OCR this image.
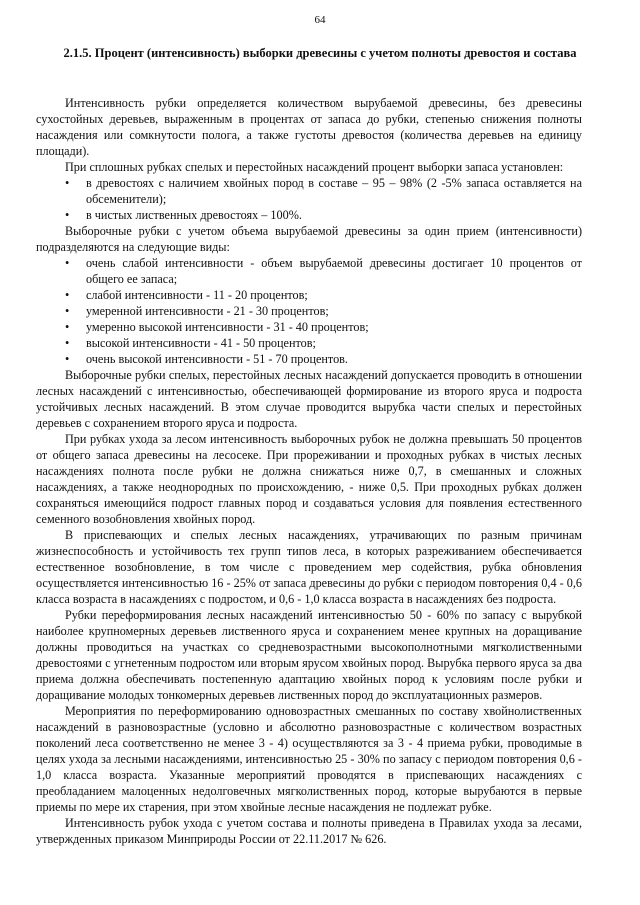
64
2.1.5. Процент (интенсивность) выборки древесины с учетом полноты древостоя и состава

Интенсивность рубки определяется количеством вырубаемой древесины, без древесины сухостойных деревьев, выраженным в процентах от запаса до рубки, степенью снижения полноты насаждения или сомкнутости полога, а также густоты древостоя (количества деревьев на единицу площади).

При сплошных рубках спелых и перестойных насаждений процент выборки запаса установлен:

• в древостоях с наличием хвойных пород в составе – 95 – 98% (2 -5% запаса оставляется на обсеменители);
• в чистых лиственных древостоях – 100%.

Выборочные рубки с учетом объема вырубаемой древесины за один прием (интенсивности) подразделяются на следующие виды:

• очень слабой интенсивности - объем вырубаемой древесины достигает 10 процентов от общего ее запаса;
• слабой интенсивности - 11 - 20 процентов;
• умеренной интенсивности - 21 - 30 процентов;
• умеренно высокой интенсивности - 31 - 40 процентов;
• высокой интенсивности - 41 - 50 процентов;
• очень высокой интенсивности - 51 - 70 процентов.

Выборочные рубки спелых, перестойных лесных насаждений допускается проводить в отношении лесных насаждений с интенсивностью, обеспечивающей формирование из второго яруса и подроста устойчивых лесных насаждений. В этом случае проводится вырубка части спелых и перестойных деревьев с сохранением второго яруса и подроста.

При рубках ухода за лесом интенсивность выборочных рубок не должна превышать 50 процентов от общего запаса древесины на лесосеке. При прореживании и проходных рубках в чистых лесных насаждениях полнота после рубки не должна снижаться ниже 0,7, в смешанных и сложных насаждениях, а также неоднородных по происхождению, - ниже 0,5. При проходных рубках должен сохраняться имеющийся подрост главных пород и создаваться условия для появления естественного семенного возобновления хвойных пород.

В приспевающих и спелых лесных насаждениях, утрачивающих по разным причинам жизнеспособность и устойчивость тех групп типов леса, в которых разреживанием обеспечивается естественное возобновление, в том числе с проведением мер содействия, рубка обновления осуществляется интенсивностью 16 - 25% от запаса древесины до рубки с периодом повторения 0,4 - 0,6 класса возраста в насаждениях с подростом, и 0,6 - 1,0 класса возраста в насаждениях без подроста.

Рубки переформирования лесных насаждений интенсивностью 50 - 60% по запасу с вырубкой наиболее крупномерных деревьев лиственного яруса и сохранением менее крупных на доращивание должны проводиться на участках со средневозрастными высокополнотными мягколиственными древостоями с угнетенным подростом или вторым ярусом хвойных пород. Вырубка первого яруса за два приема должна обеспечивать постепенную адаптацию хвойных пород к условиям после рубки и доращивание молодых тонкомерных деревьев лиственных пород до эксплуатационных размеров.

Мероприятия по переформированию одновозрастных смешанных по составу хвойнолиственных насаждений в разновозрастные (условно и абсолютно разновозрастные с количеством возрастных поколений леса соответственно не менее 3 - 4) осуществляются за 3 - 4 приема рубки, проводимые в целях ухода за лесными насаждениями, интенсивностью 25 - 30% по запасу с периодом повторения 0,6 - 1,0 класса возраста. Указанные мероприятий проводятся в приспевающих насаждениях с преобладанием малоценных недолговечных мягколиственных пород, которые вырубаются в первые приемы по мере их старения, при этом хвойные лесные насаждения не подлежат рубке.

Интенсивность рубок ухода с учетом состава и полноты приведена в Правилах ухода за лесами, утвержденных приказом Минприроды России от 22.11.2017 № 626.
